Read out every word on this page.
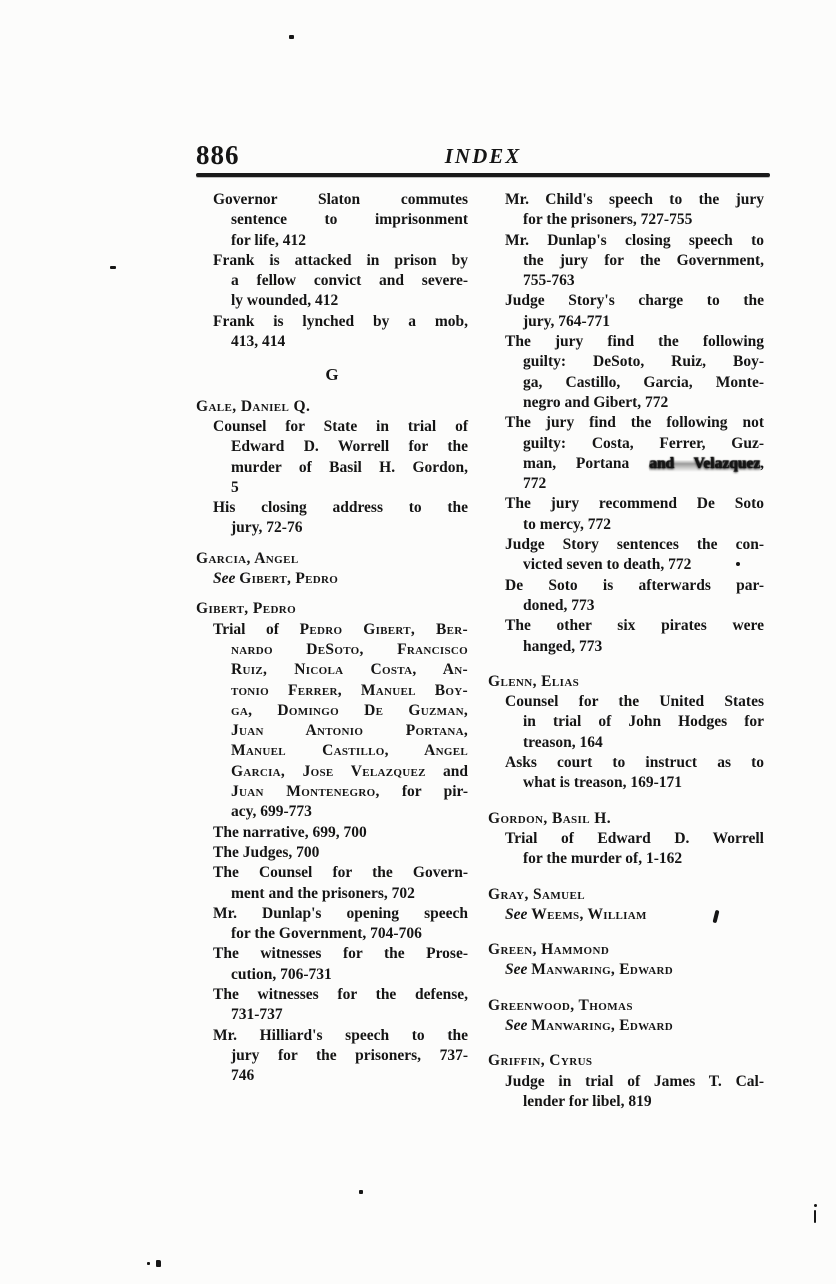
886	INDEX
Governor Slaton commutes
sentence to imprisonment
for life, 412
Frank is attacked in prison by
a fellow convict and severe-
ly wounded, 412
Frank is lynched by a mob,
413, 414
G
Gale, Daniel Q.
Counsel for State in trial of
Edward D. Worrell for the
murder of Basil H. Gordon,
5
His closing address to the
jury, 72-76
Garcia, Angel
See Gibert, Pedro
Gibert, Pedro
Trial of Pedro Gibert, Ber-
nardo DeSoto, Francisco
Ruiz, Nicola Costa, An-
tonio Ferrer, Manuel Boy-
ga, Domingo De Guzman,
Juan Antonio Portana,
Manuel Castillo, Angel
Garcia, Jose Velazquez and
Juan Montenegro, for pir-
acy, 699-773
The narrative, 699, 700
The Judges, 700
The Counsel for the Govern-
ment and the prisoners, 702
Mr. Dunlap's opening speech
for the Government, 704-706
The witnesses for the Prose-
cution, 706-731
The witnesses for the defense,
731-737
Mr. Hilliard's speech to the
jury for the prisoners, 737-
746
Mr. Child's speech to the jury
for the prisoners, 727-755
Mr. Dunlap's closing speech to
the jury for the Government,
755-763
Judge Story's charge to the
jury, 764-771
The jury find the following
guilty: DeSoto, Ruiz, Boy-
ga, Castillo, Garcia, Monte-
negro and Gibert, 772
The jury find the following not
guilty: Costa, Ferrer, Guz-
man, Portana and Velazquez,
772
The jury recommend De Soto
to mercy, 772
Judge Story sentences the con-
victed seven to death, 772
De Soto is afterwards par-
doned, 773
The other six pirates were
hanged, 773
Glenn, Elias
Counsel for the United States
in trial of John Hodges for
treason, 164
Asks court to instruct as to
what is treason, 169-171
Gordon, Basil H.
Trial of Edward D. Worrell
for the murder of, 1-162
Gray, Samuel
See Weems, William
Green, Hammond
See Manwaring, Edward
Greenwood, Thomas
See Manwaring, Edward
Griffin, Cyrus
Judge in trial of James T. Cal-
lender for libel, 819
